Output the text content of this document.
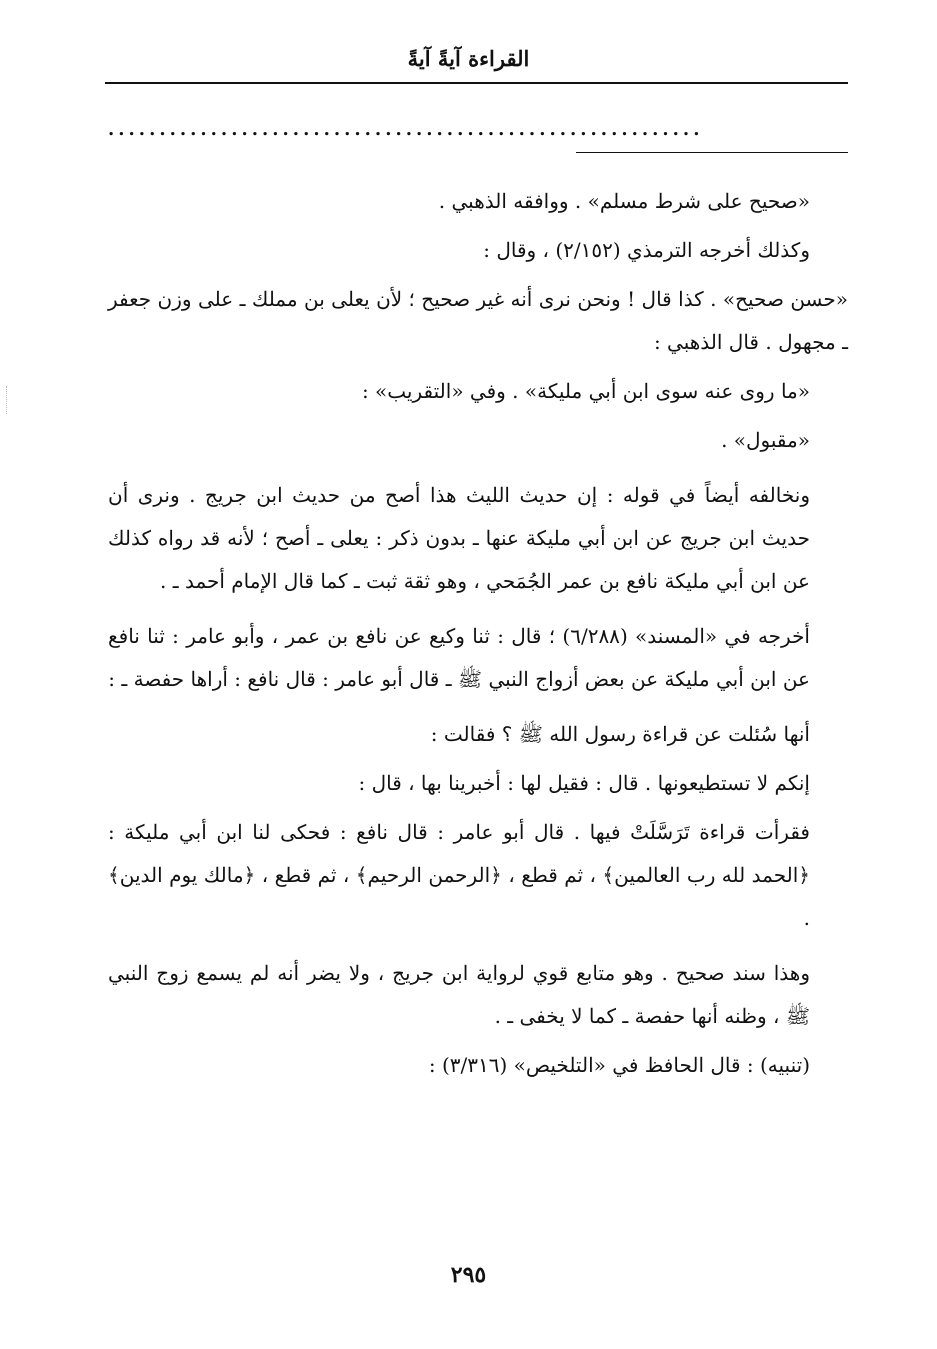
القراءة آيةً آيةً
..........................................................

«صحيح على شرط مسلم» . ووافقه الذهبي .

وكذلك أخرجه الترمذي (٢/١٥٢) ، وقال :

«حسن صحيح» . كذا قال ! ونحن نرى أنه غير صحيح ؛ لأن يعلى بن مملك ـ على وزن جعفر ـ مجهول . قال الذهبي :

«ما روى عنه سوى ابن أبي مليكة» . وفي «التقريب» :

«مقبول» .

ونخالفه أيضاً في قوله : إن حديث الليث هذا أصح من حديث ابن جريج . ونرى أن حديث ابن جريج عن ابن أبي مليكة عنها ـ بدون ذكر : يعلى ـ أصح ؛ لأنه قد رواه كذلك عن ابن أبي مليكة نافع بن عمر الجُمَحي ، وهو ثقة ثبت ـ كما قال الإمام أحمد ـ .

أخرجه في «المسند» (٦/٢٨٨) ؛ قال : ثنا وكيع عن نافع بن عمر ، وأبو عامر : ثنا نافع عن ابن أبي مليكة عن بعض أزواج النبي ﷺ ـ قال أبو عامر : قال نافع : أراها حفصة ـ :

أنها سُئلت عن قراءة رسول الله ﷺ ؟ فقالت :

إنكم لا تستطيعونها . قال : فقيل لها : أخبرينا بها ، قال :

فقرأت قراءة تَرَسَّلَتْ فيها . قال أبو عامر : قال نافع : فحكى لنا ابن أبي مليكة : ﴿الحمد لله رب العالمين﴾ ، ثم قطع ، ﴿الرحمن الرحيم﴾ ، ثم قطع ، ﴿مالك يوم الدين﴾ .

وهذا سند صحيح . وهو متابع قوي لرواية ابن جريج ، ولا يضر أنه لم يسمع زوج النبي ﷺ ، وظنه أنها حفصة ـ كما لا يخفى ـ .

(تنبيه) : قال الحافظ في «التلخيص» (٣/٣١٦) :

٢٩٥
